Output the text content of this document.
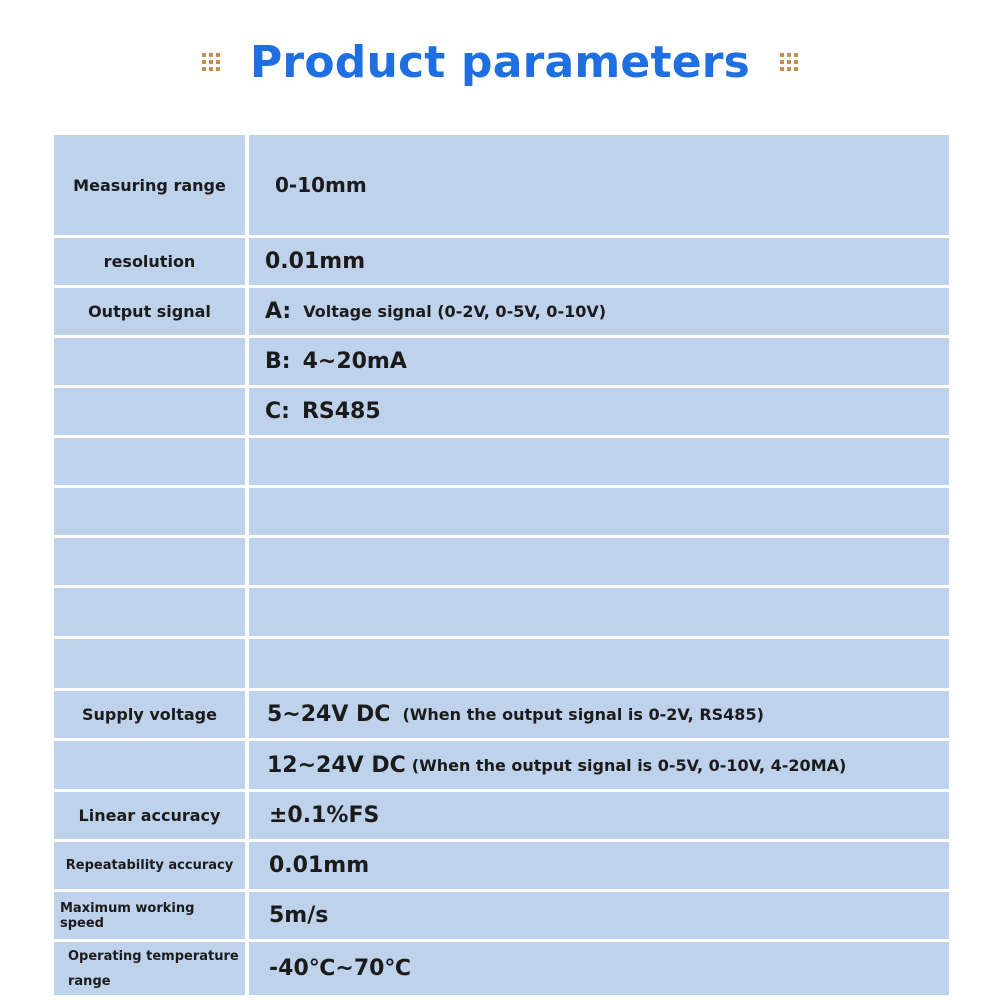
Product parameters
Measuring range	0-10mm
resolution	0.01mm
Output signal	A: Voltage signal (0-2V, 0-5V, 0-10V)
B: 4~20mA
C: RS485
Supply voltage	5~24V DC (When the output signal is 0-2V, RS485)
12~24V DC (When the output signal is 0-5V, 0-10V, 4-20MA)
Linear accuracy	±0.1%FS
Repeatability accuracy	0.01mm
Maximum working speed	5m/s
Operating temperature range	-40℃~70℃
